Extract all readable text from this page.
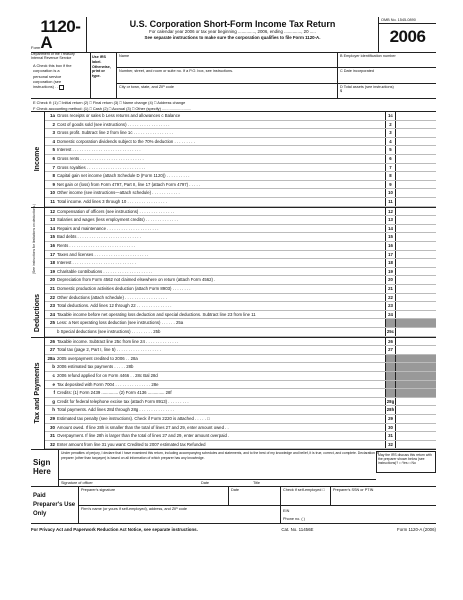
Form
1120-A
Department of the Treasury
Internal Revenue Service
U.S. Corporation Short-Form Income Tax Return
For calendar year 2006 or tax year beginning .............., 2006, ending .............., 20 .....
See separate instructions to make sure the corporation qualifies to file Form 1120-A.
OMB No. 1545-0890
2006
A Check this box if the
corporation is a
personal service
corporation (see
instructions) . .
Use IRS
label.
Otherwise,
print or
type.
Name
Number, street, and room or suite no. If a P.O. box, see instructions.
City or town, state, and ZIP code
B Employer identification number
C Date incorporated
D Total assets (see instructions)
$
E Check if: (1) □ Initial return (2) □ Final return (3) □ Name change (4) □ Address change
F Check accounting method: (1) □ Cash (2) □ Accrual (3) □ Other (specify) ...........................
Income
1a Gross receipts or sales b Less returns and allowances c Balance	1c
2 Cost of goods sold (see instructions) . . . . . . . . . . . . . . . . . .	2
3 Gross profit. Subtract line 2 from line 1c . . . . . . . . . . . . . . . . .	3
4 Domestic corporation dividends subject to the 70% deduction . . . . . . . . .	4
5 Interest . . . . . . . . . . . . . . . . . . . . . . . . . . . . .	5
6 Gross rents . . . . . . . . . . . . . . . . . . . . . . . . . . .	6
7 Gross royalties . . . . . . . . . . . . . . . . . . . . . . . . .	7
8 Capital gain net income (attach Schedule D (Form 1120)) . . . . . . . . . .	8
9 Net gain or (loss) from Form 4797, Part II, line 17 (attach Form 4797) . . . . .	9
10 Other income (see instructions—attach schedule) . . . . . . . . . . . .	10
11 Total income. Add lines 3 through 10 . . . . . . . . . . . . . . . . .	11
Deductions
(See instructions for limitations on deductions.)	12 Compensation of officers (see instructions) . . . . . . . . . . . . . . .	12
13 Salaries and wages (less employment credits) . . . . . . . . . . . . . .	13
14 Repairs and maintenance . . . . . . . . . . . . . . . . . . . . . .	14
15 Bad debts . . . . . . . . . . . . . . . . . . . . . . . . . . .	15
16 Rents . . . . . . . . . . . . . . . . . . . . . . . . . . . .	16
17 Taxes and licenses . . . . . . . . . . . . . . . . . . . . . . .	17
18 Interest . . . . . . . . . . . . . . . . . . . . . . . . . . .	18
19 Charitable contributions . . . . . . . . . . . . . . . . . . . . .	19
20 Depreciation from Form 4562 not claimed elsewhere on return (attach Form 4562) .	20
21 Domestic production activities deduction (attach Form 8903) . . . . . . . .	21
22 Other deductions (attach schedule) . . . . . . . . . . . . . . . . . .	22
23 Total deductions. Add lines 12 through 22 . . . . . . . . . . . . . . .	23
24 Taxable income before net operating loss deduction and special deductions. Subtract line 23 from line 11	24
25 Less: a Net operating loss deduction (see instructions) . . . . . . 25a
b Special deductions (see instructions) . . . . . . . . . 25b	25c
Tax and Payments
26 Taxable income. Subtract line 25c from line 24 . . . . . . . . . . . . . .	26
27 Total tax (page 2, Part I, line 5) . . . . . . . . . . . . . . . . . . .	27
28a 2005 overpayment credited to 2006 . . 28a
b 2006 estimated tax payments . . . . . 28b
c 2006 refund applied for on Form 4466 . . 28c Bal 28d
e Tax deposited with Form 7004 . . . . . . . . . . . . . . . 28e
f Credits: (1) Form 2439 .............. (2) Form 4136 .............. 28f
g Credit for federal telephone excise tax (attach Form 8913) . . . . . . . . .	28g
h Total payments. Add lines 28d through 28g . . . . . . . . . . . . . . .	28h
29 Estimated tax penalty (see instructions). Check if Form 2220 is attached . . . . . □	29
30 Amount owed. If line 28h is smaller than the total of lines 27 and 29, enter amount owed . .	30
31 Overpayment. If line 28h is larger than the total of lines 27 and 29, enter amount overpaid .	31
32 Enter amount from line 31 you want: Credited to 2007 estimated tax Refunded	32
Sign Here
Under penalties of perjury, I declare that I have examined this return, including accompanying schedules and statements, and to the best of my knowledge and belief, it is true, correct, and complete. Declaration of preparer (other than taxpayer) is based on all information of which preparer has any knowledge.
Signature of officer	Date	Title
May the IRS discuss this return with the preparer shown below (see instructions)? □ Yes □ No
Paid Preparer's Use Only
Preparer's signature	Date	Check if self-employed □	Preparer's SSN or PTIN
Firm's name (or yours if self-employed), address, and ZIP code	EIN
Phone no. ( )
For Privacy Act and Paperwork Reduction Act Notice, see separate instructions.	Cat. No. 11456E	Form 1120-A (2006)
